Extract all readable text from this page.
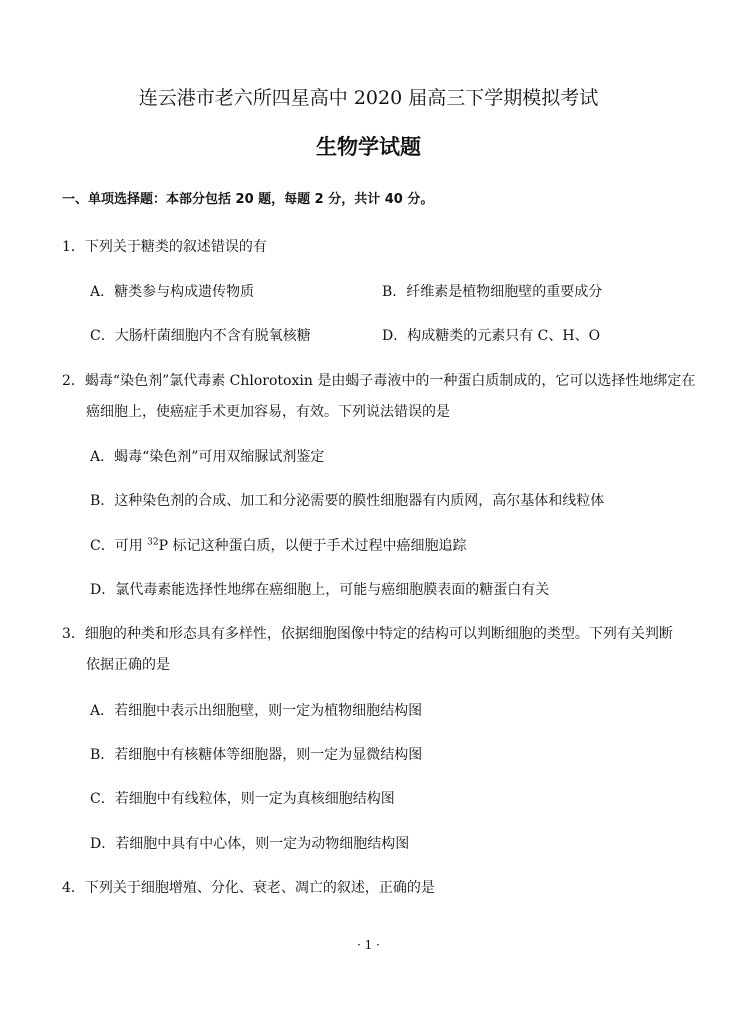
连云港市老六所四星高中 2020 届高三下学期模拟考试
生物学试题
一、单项选择题：本部分包括 20 题，每题 2 分，共计 40 分。
1．下列关于糖类的叙述错误的有
A．糖类参与构成遗传物质	B．纤维素是植物细胞壁的重要成分
C．大肠杆菌细胞内不含有脱氧核糖	D．构成糖类的元素只有 C、H、O
2．蝎毒“染色剂”氯代毒素 Chlorotoxin 是由蝎子毒液中的一种蛋白质制成的，它可以选择性地绑定在
癌细胞上，使癌症手术更加容易，有效。下列说法错误的是
A．蝎毒“染色剂”可用双缩脲试剂鉴定
B．这种染色剂的合成、加工和分泌需要的膜性细胞器有内质网，高尔基体和线粒体
C．可用 $^{32}$P 标记这种蛋白质，以便于手术过程中癌细胞追踪
D．氯代毒素能选择性地绑在癌细胞上，可能与癌细胞膜表面的糖蛋白有关
3．细胞的种类和形态具有多样性，依据细胞图像中特定的结构可以判断细胞的类型。下列有关判断
依据正确的是
A．若细胞中表示出细胞壁，则一定为植物细胞结构图
B．若细胞中有核糖体等细胞器，则一定为显微结构图
C．若细胞中有线粒体，则一定为真核细胞结构图
D．若细胞中具有中心体，则一定为动物细胞结构图
4．下列关于细胞增殖、分化、衰老、凋亡的叙述，正确的是
· 1 ·
